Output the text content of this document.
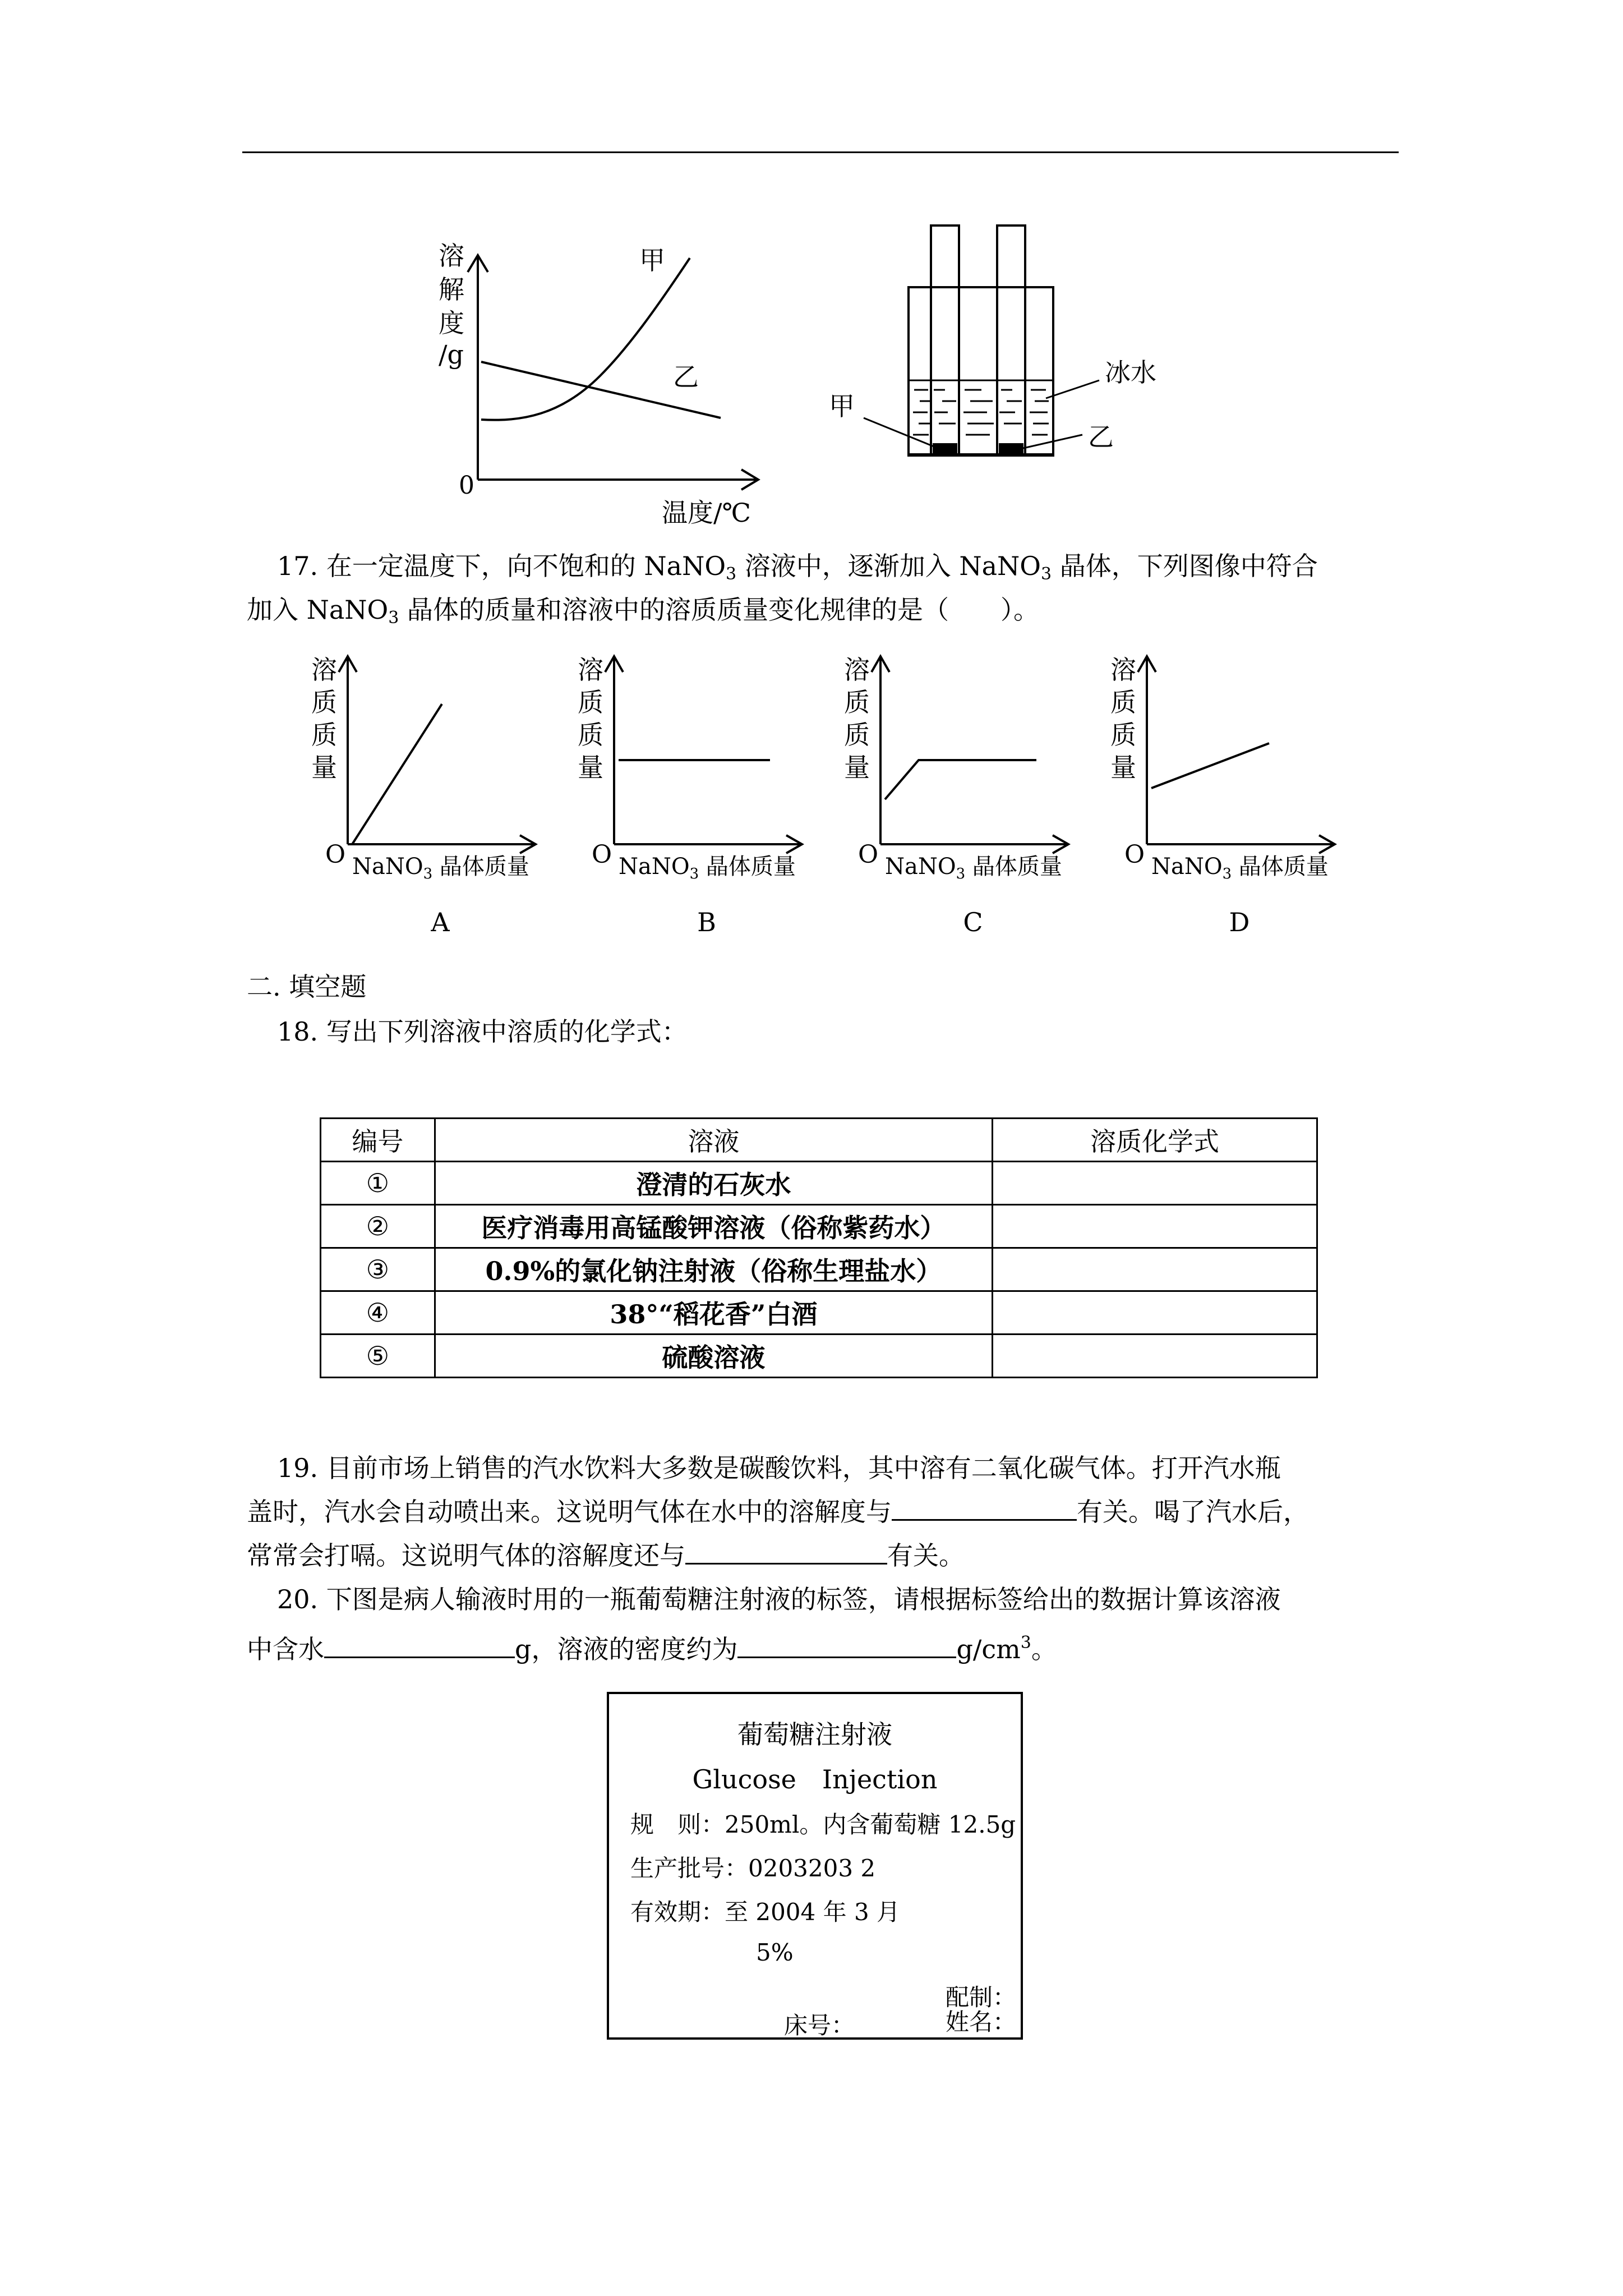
溶
解
度
/g
0
温度/℃
甲
乙
甲
乙
冰水
17. 在一定温度下，向不饱和的 NaNO$_3$ 溶液中，逐渐加入 NaNO$_3$ 晶体，下列图像中符合
加入 NaNO$_3$ 晶体的质量和溶液中的溶质质量变化规律的是（　　）。
溶
质
质
量
O NaNO$_3$ 晶体质量
A
溶
质
质
量
O NaNO$_3$ 晶体质量
B
溶
质
质
量
O NaNO$_3$ 晶体质量
C
溶
质
质
量
O NaNO$_3$ 晶体质量
D
二. 填空题
18. 写出下列溶液中溶质的化学式：
编号	溶液	溶质化学式
①	澄清的石灰水	
②	医疗消毒用高锰酸钾溶液（俗称紫药水）	
③	0.9%的氯化钠注射液（俗称生理盐水）	
④	38°“稻花香”白酒	
⑤	硫酸溶液	
19. 目前市场上销售的汽水饮料大多数是碳酸饮料，其中溶有二氧化碳气体。打开汽水瓶
盖时，汽水会自动喷出来。这说明气体在水中的溶解度与	有关。喝了汽水后，
常常会打嗝。这说明气体的溶解度还与	有关。
20. 下图是病人输液时用的一瓶葡萄糖注射液的标签，请根据标签给出的数据计算该溶液
中含水	g，溶液的密度约为	$g/cm^3$。
葡萄糖注射液
Glucose　Injection
规　则：250ml。内含葡萄糖 12.5g
生产批号：0203203 2
有效期：至 2004 年 3 月
5%
配制：
床号：	姓名：
